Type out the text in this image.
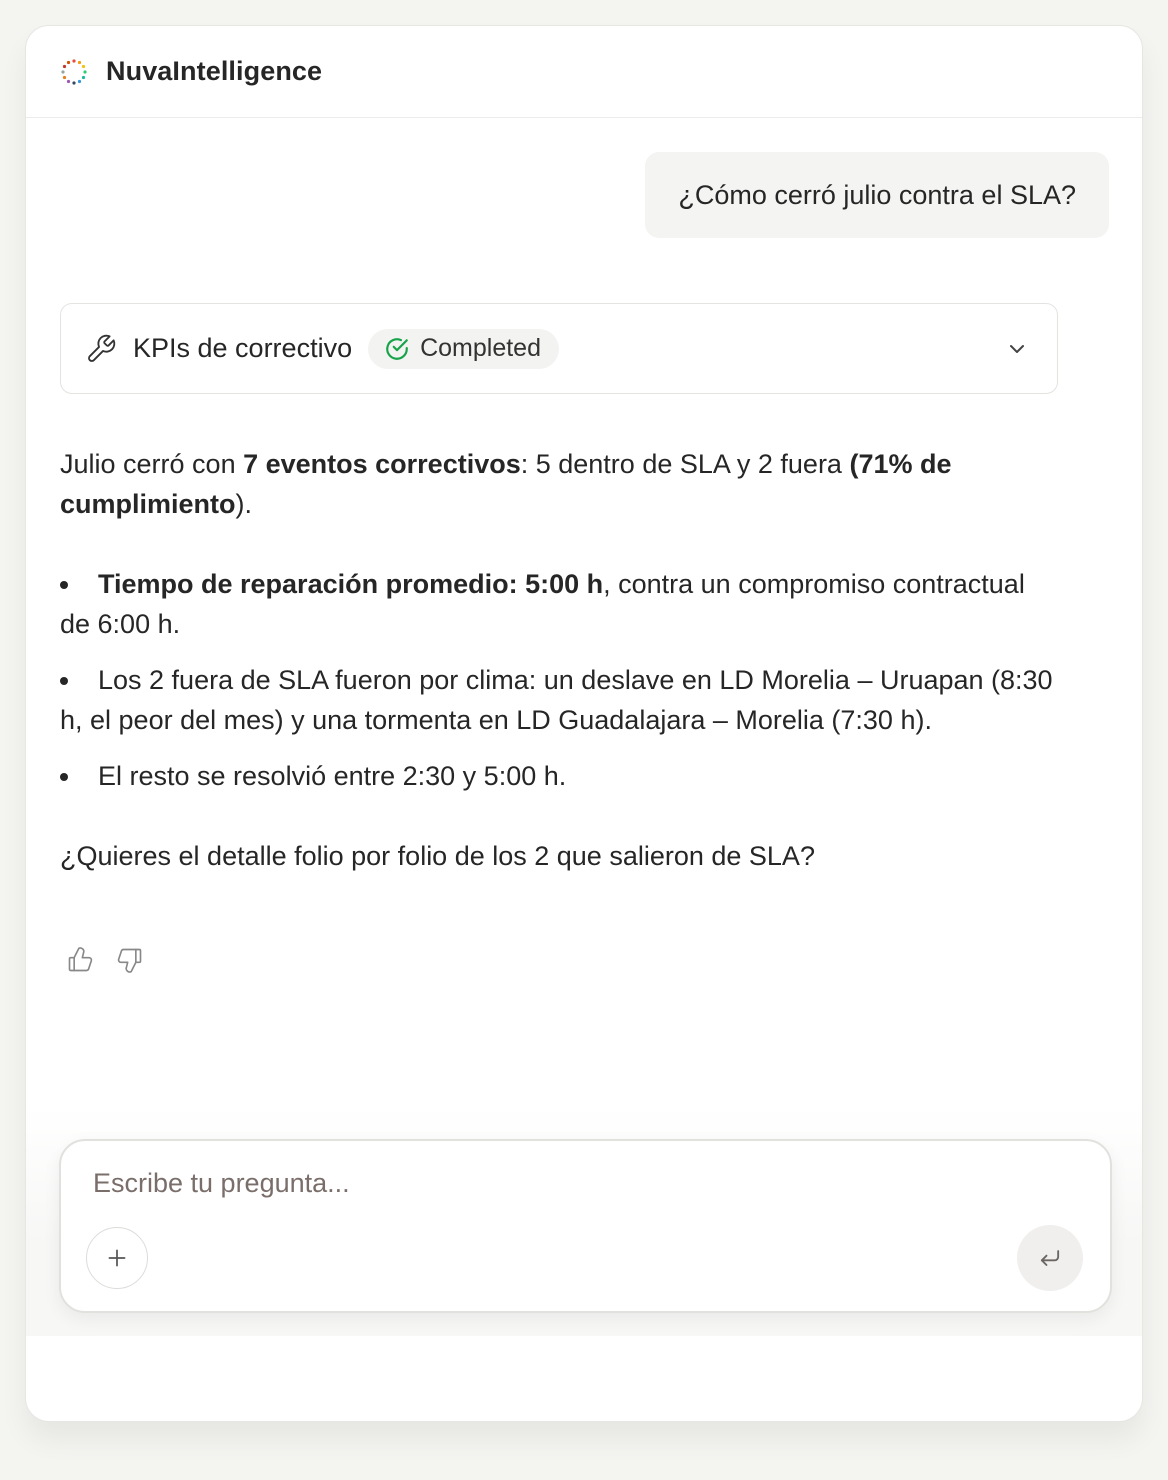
NuvaIntelligence
¿Cómo cerró julio contra el SLA?
KPIs de correctivo	Completed

Julio cerró con 7 eventos correctivos: 5 dentro de SLA y 2 fuera (71% de cumplimiento).

Tiempo de reparación promedio: 5:00 h, contra un compromiso contractual de 6:00 h.
Los 2 fuera de SLA fueron por clima: un deslave en LD Morelia – Uruapan (8:30 h, el peor del mes) y una tormenta en LD Guadalajara – Morelia (7:30 h).
El resto se resolvió entre 2:30 y 5:00 h.

¿Quieres el detalle folio por folio de los 2 que salieron de SLA?

Escribe tu pregunta...
